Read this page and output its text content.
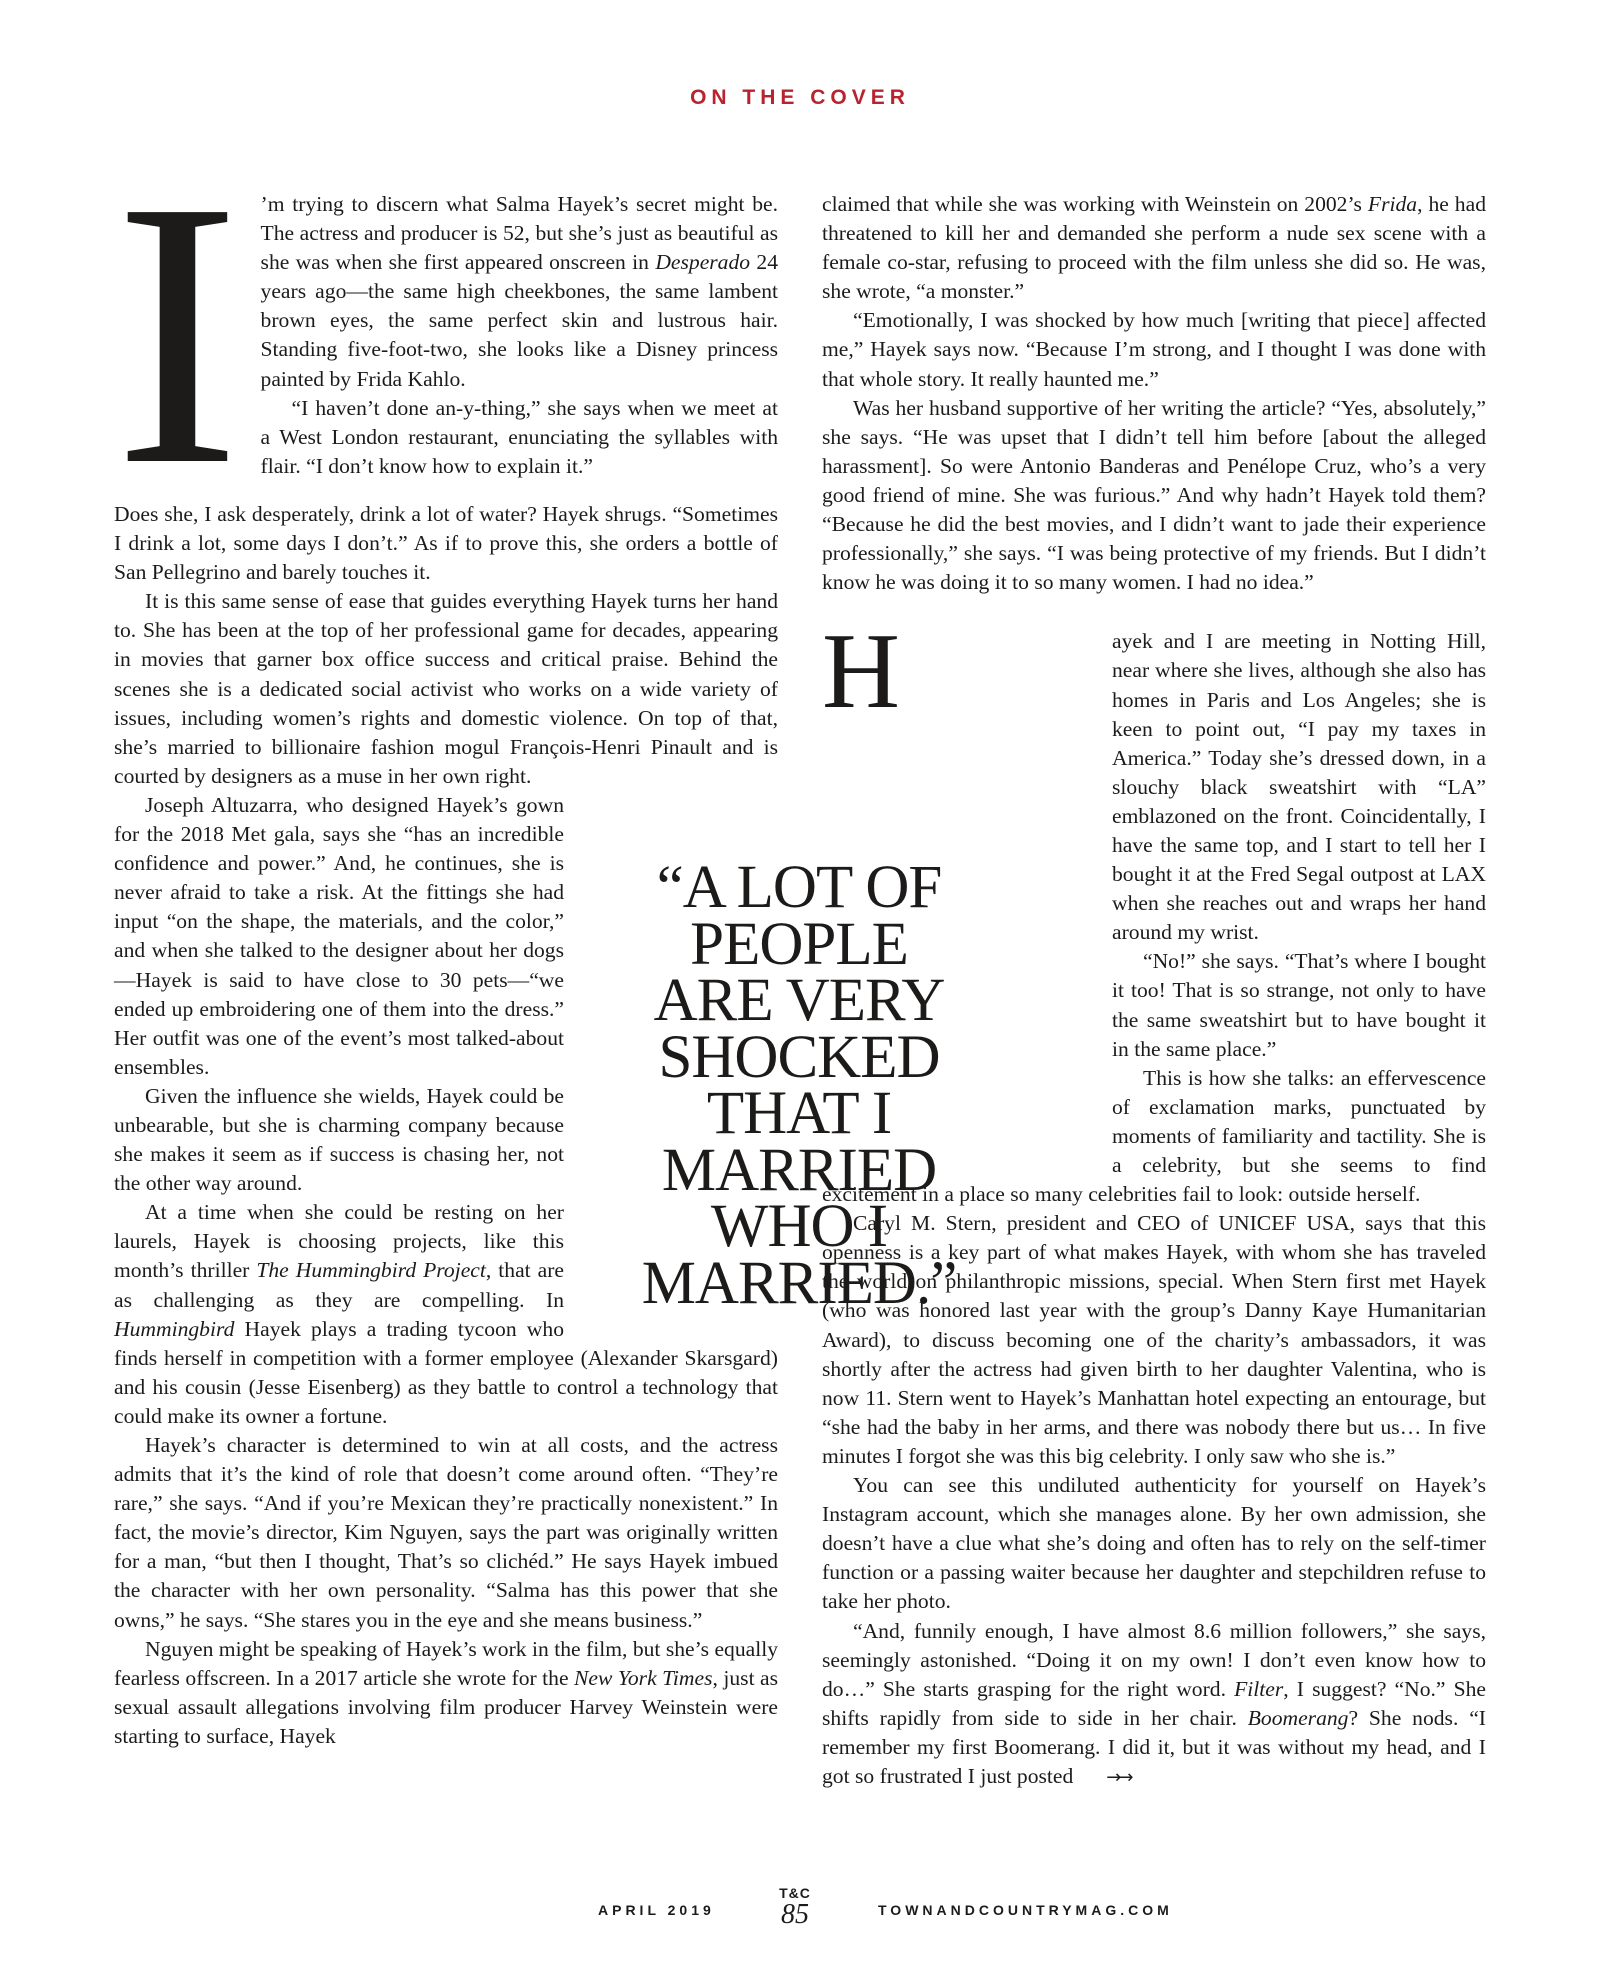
ON THE COVER

I ’m trying to discern what Salma Hayek’s secret might be. The actress and producer is 52, but she’s just as beautiful as she was when she first appeared onscreen in Desperado 24 years ago—the same high cheekbones, the same lambent brown eyes, the same perfect skin and lustrous hair. Standing five-foot-two, she looks like a Disney princess painted by Frida Kahlo.

“I haven’t done an-y-thing,” she says when we meet at a West London restaurant, enunciating the syllables with flair. “I don’t know how to explain it.”

Does she, I ask desperately, drink a lot of water? Hayek shrugs. “Sometimes I drink a lot, some days I don’t.” As if to prove this, she orders a bottle of San Pellegrino and barely touches it.

It is this same sense of ease that guides everything Hayek turns her hand to. She has been at the top of her professional game for decades, appearing in movies that garner box office success and critical praise. Behind the scenes she is a dedicated social activist who works on a wide variety of issues, including women’s rights and domestic violence. On top of that, she’s married to billionaire fashion mogul François-Henri Pinault and is courted by designers as a muse in her own right.

Joseph Altuzarra, who designed Hayek’s gown for the 2018 Met gala, says she “has an incredible confidence and power.” And, he continues, she is never afraid to take a risk. At the fittings she had input “on the shape, the materials, and the color,” and when she talked to the designer about her dogs—Hayek is said to have close to 30 pets—“we ended up embroidering one of them into the dress.” Her outfit was one of the event’s most talked-about ensembles.

Given the influence she wields, Hayek could be unbearable, but she is charming company because she makes it seem as if success is chasing her, not the other way around.

At a time when she could be resting on her laurels, Hayek is choosing projects, like this month’s thriller The Hummingbird Project, that are as challenging as they are compelling. In Hummingbird Hayek plays a trading tycoon who finds herself in competition with a former employee (Alexander Skarsgard) and his cousin (Jesse Eisenberg) as they battle to control a technology that could make its owner a fortune.

Hayek’s character is determined to win at all costs, and the actress admits that it’s the kind of role that doesn’t come around often. “They’re rare,” she says. “And if you’re Mexican they’re practically nonexistent.” In fact, the movie’s director, Kim Nguyen, says the part was originally written for a man, “but then I thought, That’s so clichéd.” He says Hayek imbued the character with her own personality. “Salma has this power that she owns,” he says. “She stares you in the eye and she means business.”

Nguyen might be speaking of Hayek’s work in the film, but she’s equally fearless offscreen. In a 2017 article she wrote for the New York Times, just as sexual assault allegations involving film producer Harvey Weinstein were starting to surface, Hayek

claimed that while she was working with Weinstein on 2002’s Frida, he had threatened to kill her and demanded she perform a nude sex scene with a female co-star, refusing to proceed with the film unless she did so. He was, she wrote, “a monster.”

“Emotionally, I was shocked by how much [writing that piece] affected me,” Hayek says now. “Because I’m strong, and I thought I was done with that whole story. It really haunted me.”

Was her husband supportive of her writing the article? “Yes, absolutely,” she says. “He was upset that I didn’t tell him before [about the alleged harassment]. So were Antonio Banderas and Penélope Cruz, who’s a very good friend of mine. She was furious.” And why hadn’t Hayek told them? “Because he did the best movies, and I didn’t want to jade their experience professionally,” she says. “I was being protective of my friends. But I didn’t know he was doing it to so many women. I had no idea.”

H	ayek and I are meeting in Notting Hill, near where she lives, although she also has homes in Paris and Los Angeles; she is keen to point out, “I pay my taxes in America.” Today she’s dressed down, in a slouchy black sweatshirt with “LA” emblazoned on the front. Coincidentally, I have the same top, and I start to tell her I bought it at the Fred Segal outpost at LAX when she reaches out and wraps her hand around my wrist.

“No!” she says. “That’s where I bought it too! That is so strange, not only to have the same sweatshirt but to have bought it in the same place.”

This is how she talks: an effervescence of exclamation marks, punctuated by moments of familiarity and tactility. She is a celebrity, but she seems to find excitement in a place so many celebrities fail to look: outside herself.

Caryl M. Stern, president and CEO of UNICEF USA, says that this openness is a key part of what makes Hayek, with whom she has traveled the world on philanthropic missions, special. When Stern first met Hayek (who was honored last year with the group’s Danny Kaye Humanitarian Award), to discuss becoming one of the charity’s ambassadors, it was shortly after the actress had given birth to her daughter Valentina, who is now 11. Stern went to Hayek’s Manhattan hotel expecting an entourage, but “she had the baby in her arms, and there was nobody there but us… In five minutes I forgot she was this big celebrity. I only saw who she is.”

You can see this undiluted authenticity for yourself on Hayek’s Instagram account, which she manages alone. By her own admission, she doesn’t have a clue what she’s doing and often has to rely on the self-timer function or a passing waiter because her daughter and stepchildren refuse to take her photo.

“And, funnily enough, I have almost 8.6 million followers,” she says, seemingly astonished. “Doing it on my own! I don’t even know how to do…” She starts grasping for the right word. Filter, I suggest? “No.” She shifts rapidly from side to side in her chair. Boomerang? She nods. “I remember my first Boomerang. I did it, but it was without my head, and I got so frustrated I just posted →→

“A LOT OF PEOPLE ARE VERY SHOCKED THAT I MARRIED WHO I MARRIED.”
APRIL 2019
T&C
85	TOWNANDCOUNTRYMAG.COM
